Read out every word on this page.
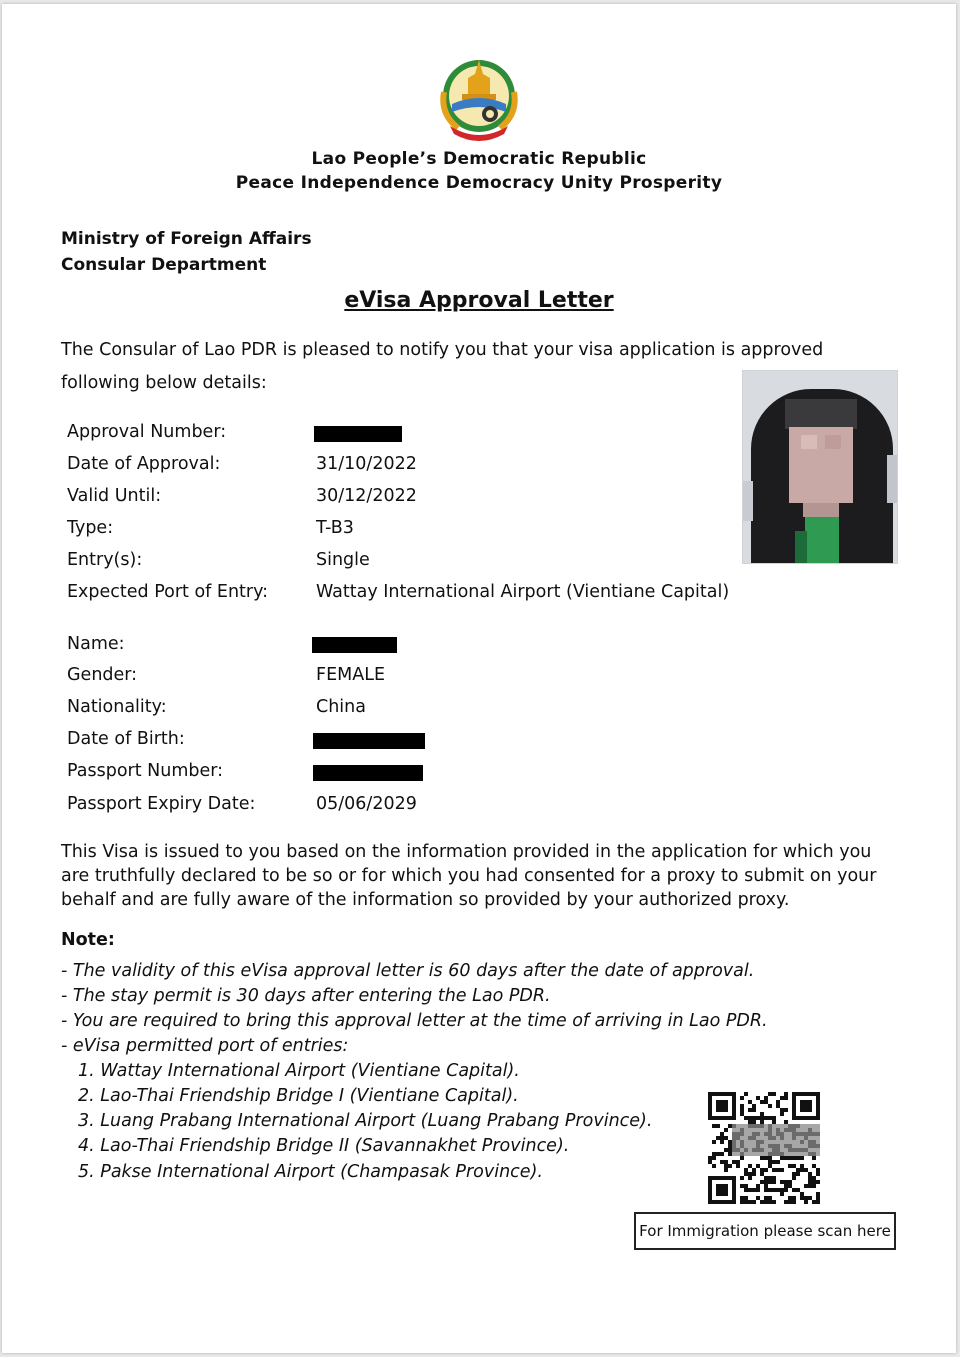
Lao People’s Democratic Republic
Peace Independence Democracy Unity Prosperity
Ministry of Foreign Affairs
Consular Department
eVisa Approval Letter
The Consular of Lao PDR is pleased to notify you that your visa application is approved
following below details:
Approval Number:
Date of Approval:	31/10/2022
Valid Until:	30/12/2022
Type:	T-B3
Entry(s):	Single
Expected Port of Entry:	Wattay International Airport (Vientiane Capital)
Name:
Gender:	FEMALE
Nationality:	China
Date of Birth:
Passport Number:
Passport Expiry Date:	05/06/2029
This Visa is issued to you based on the information provided in the application for which you
are truthfully declared to be so or for which you had consented for a proxy to submit on your
behalf and are fully aware of the information so provided by your authorized proxy.
Note:
- The validity of this eVisa approval letter is 60 days after the date of approval.
- The stay permit is 30 days after entering the Lao PDR.
- You are required to bring this approval letter at the time of arriving in Lao PDR.
- eVisa permitted port of entries:
1. Wattay International Airport (Vientiane Capital).
2. Lao-Thai Friendship Bridge I (Vientiane Capital).
3. Luang Prabang International Airport (Luang Prabang Province).
4. Lao-Thai Friendship Bridge II (Savannakhet Province).
5. Pakse International Airport (Champasak Province).
For Immigration please scan here
